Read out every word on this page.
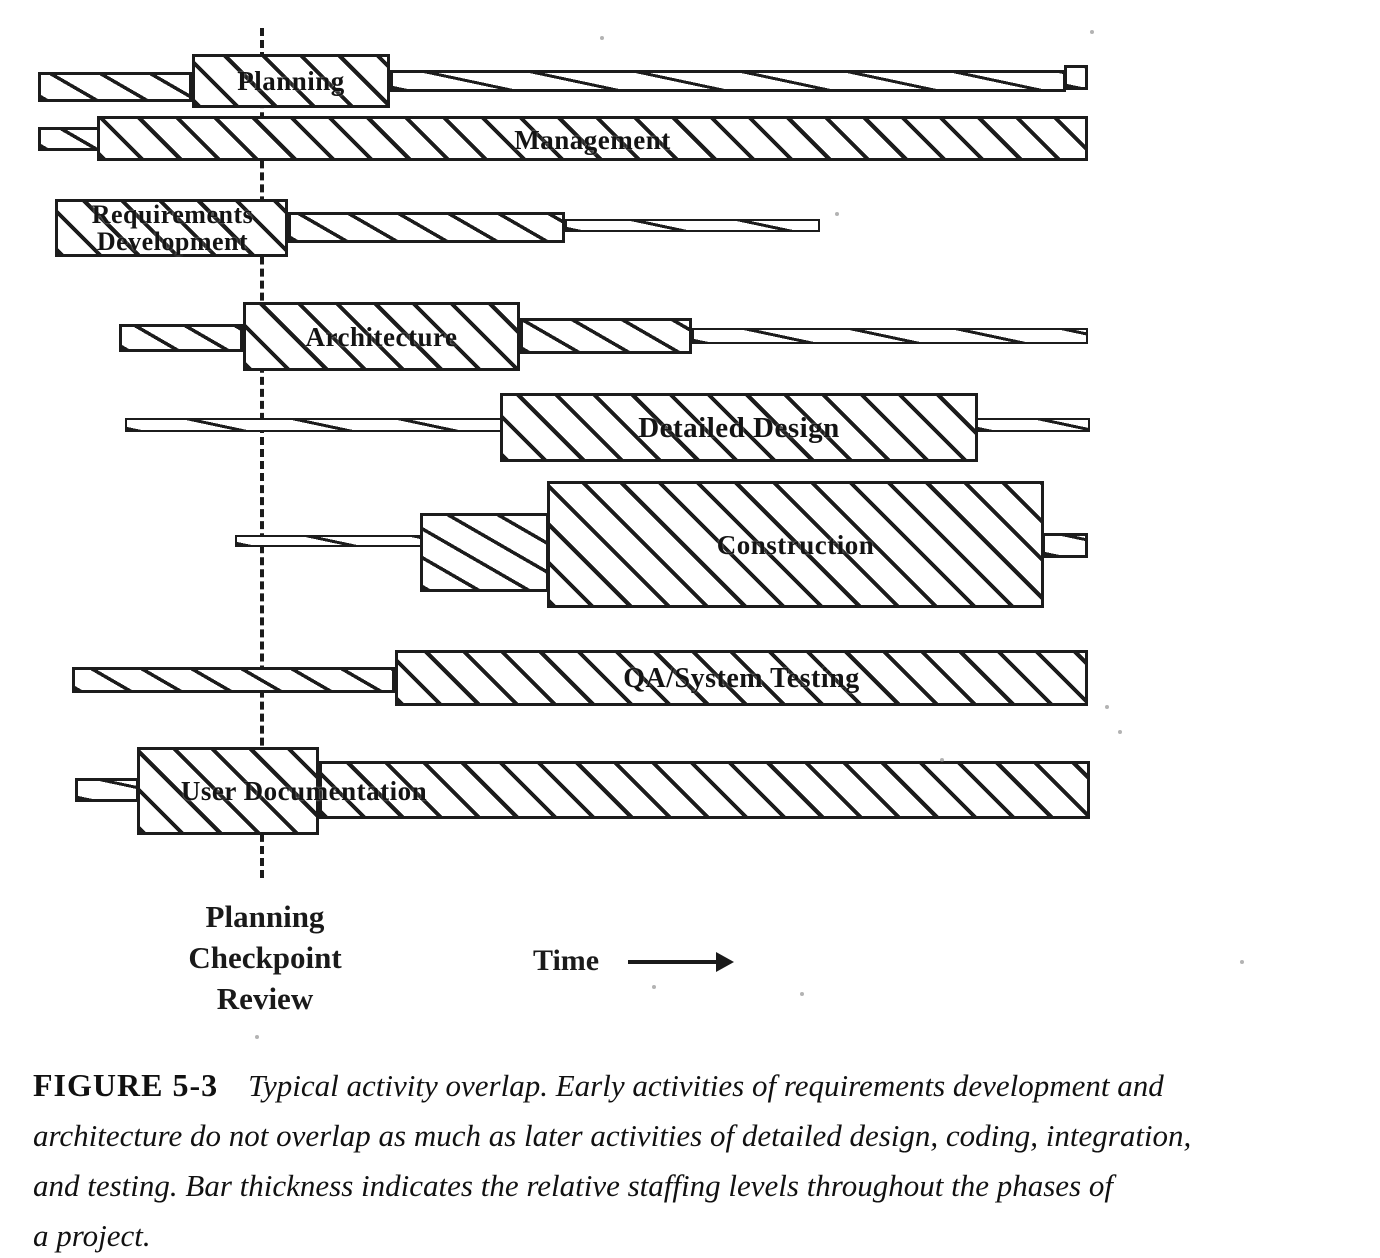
Planning
Management
Requirements Development
Architecture
Detailed Design
Construction
QA/System Testing
User Documentation
Planning
Checkpoint
Review
Time
FIGURE 5-3 Typical activity overlap. Early activities of requirements development and
architecture do not overlap as much as later activities of detailed design, coding, integration,
and testing. Bar thickness indicates the relative staffing levels throughout the phases of
a project.
